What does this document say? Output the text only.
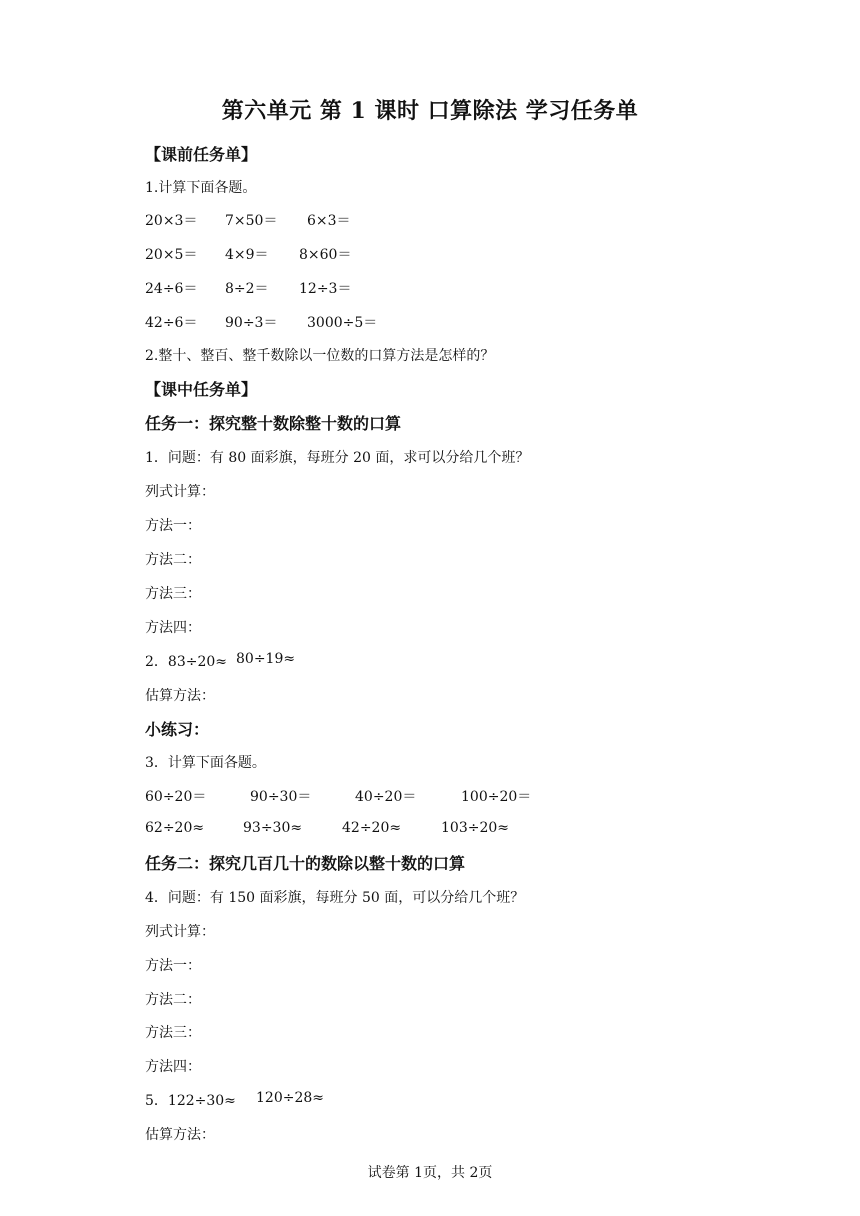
第六单元 第 1 课时 口算除法 学习任务单
【课前任务单】
1.计算下面各题。
20×3＝ 7×50＝ 6×3＝
20×5＝ 4×9＝ 8×60＝
24÷6＝ 8÷2＝ 12÷3＝
42÷6＝ 90÷3＝ 3000÷5＝
2.整十、整百、整千数除以一位数的口算方法是怎样的？
【课中任务单】
任务一：探究整十数除整十数的口算
1．问题：有 80 面彩旗，每班分 20 面，求可以分给几个班？
列式计算：
方法一：
方法二：
方法三：
方法四：
2．83÷20≈ 80÷19≈
估算方法：
小练习：
3．计算下面各题。
60÷20＝	90÷30＝	40÷20＝	100÷20＝
62÷20≈	93÷30≈	42÷20≈	103÷20≈
任务二：探究几百几十的数除以整十数的口算
4．问题：有 150 面彩旗，每班分 50 面，可以分给几个班？
列式计算：
方法一：
方法二：
方法三：
方法四：
5．122÷30≈ 120÷28≈
估算方法：
试卷第 1页，共 2页
